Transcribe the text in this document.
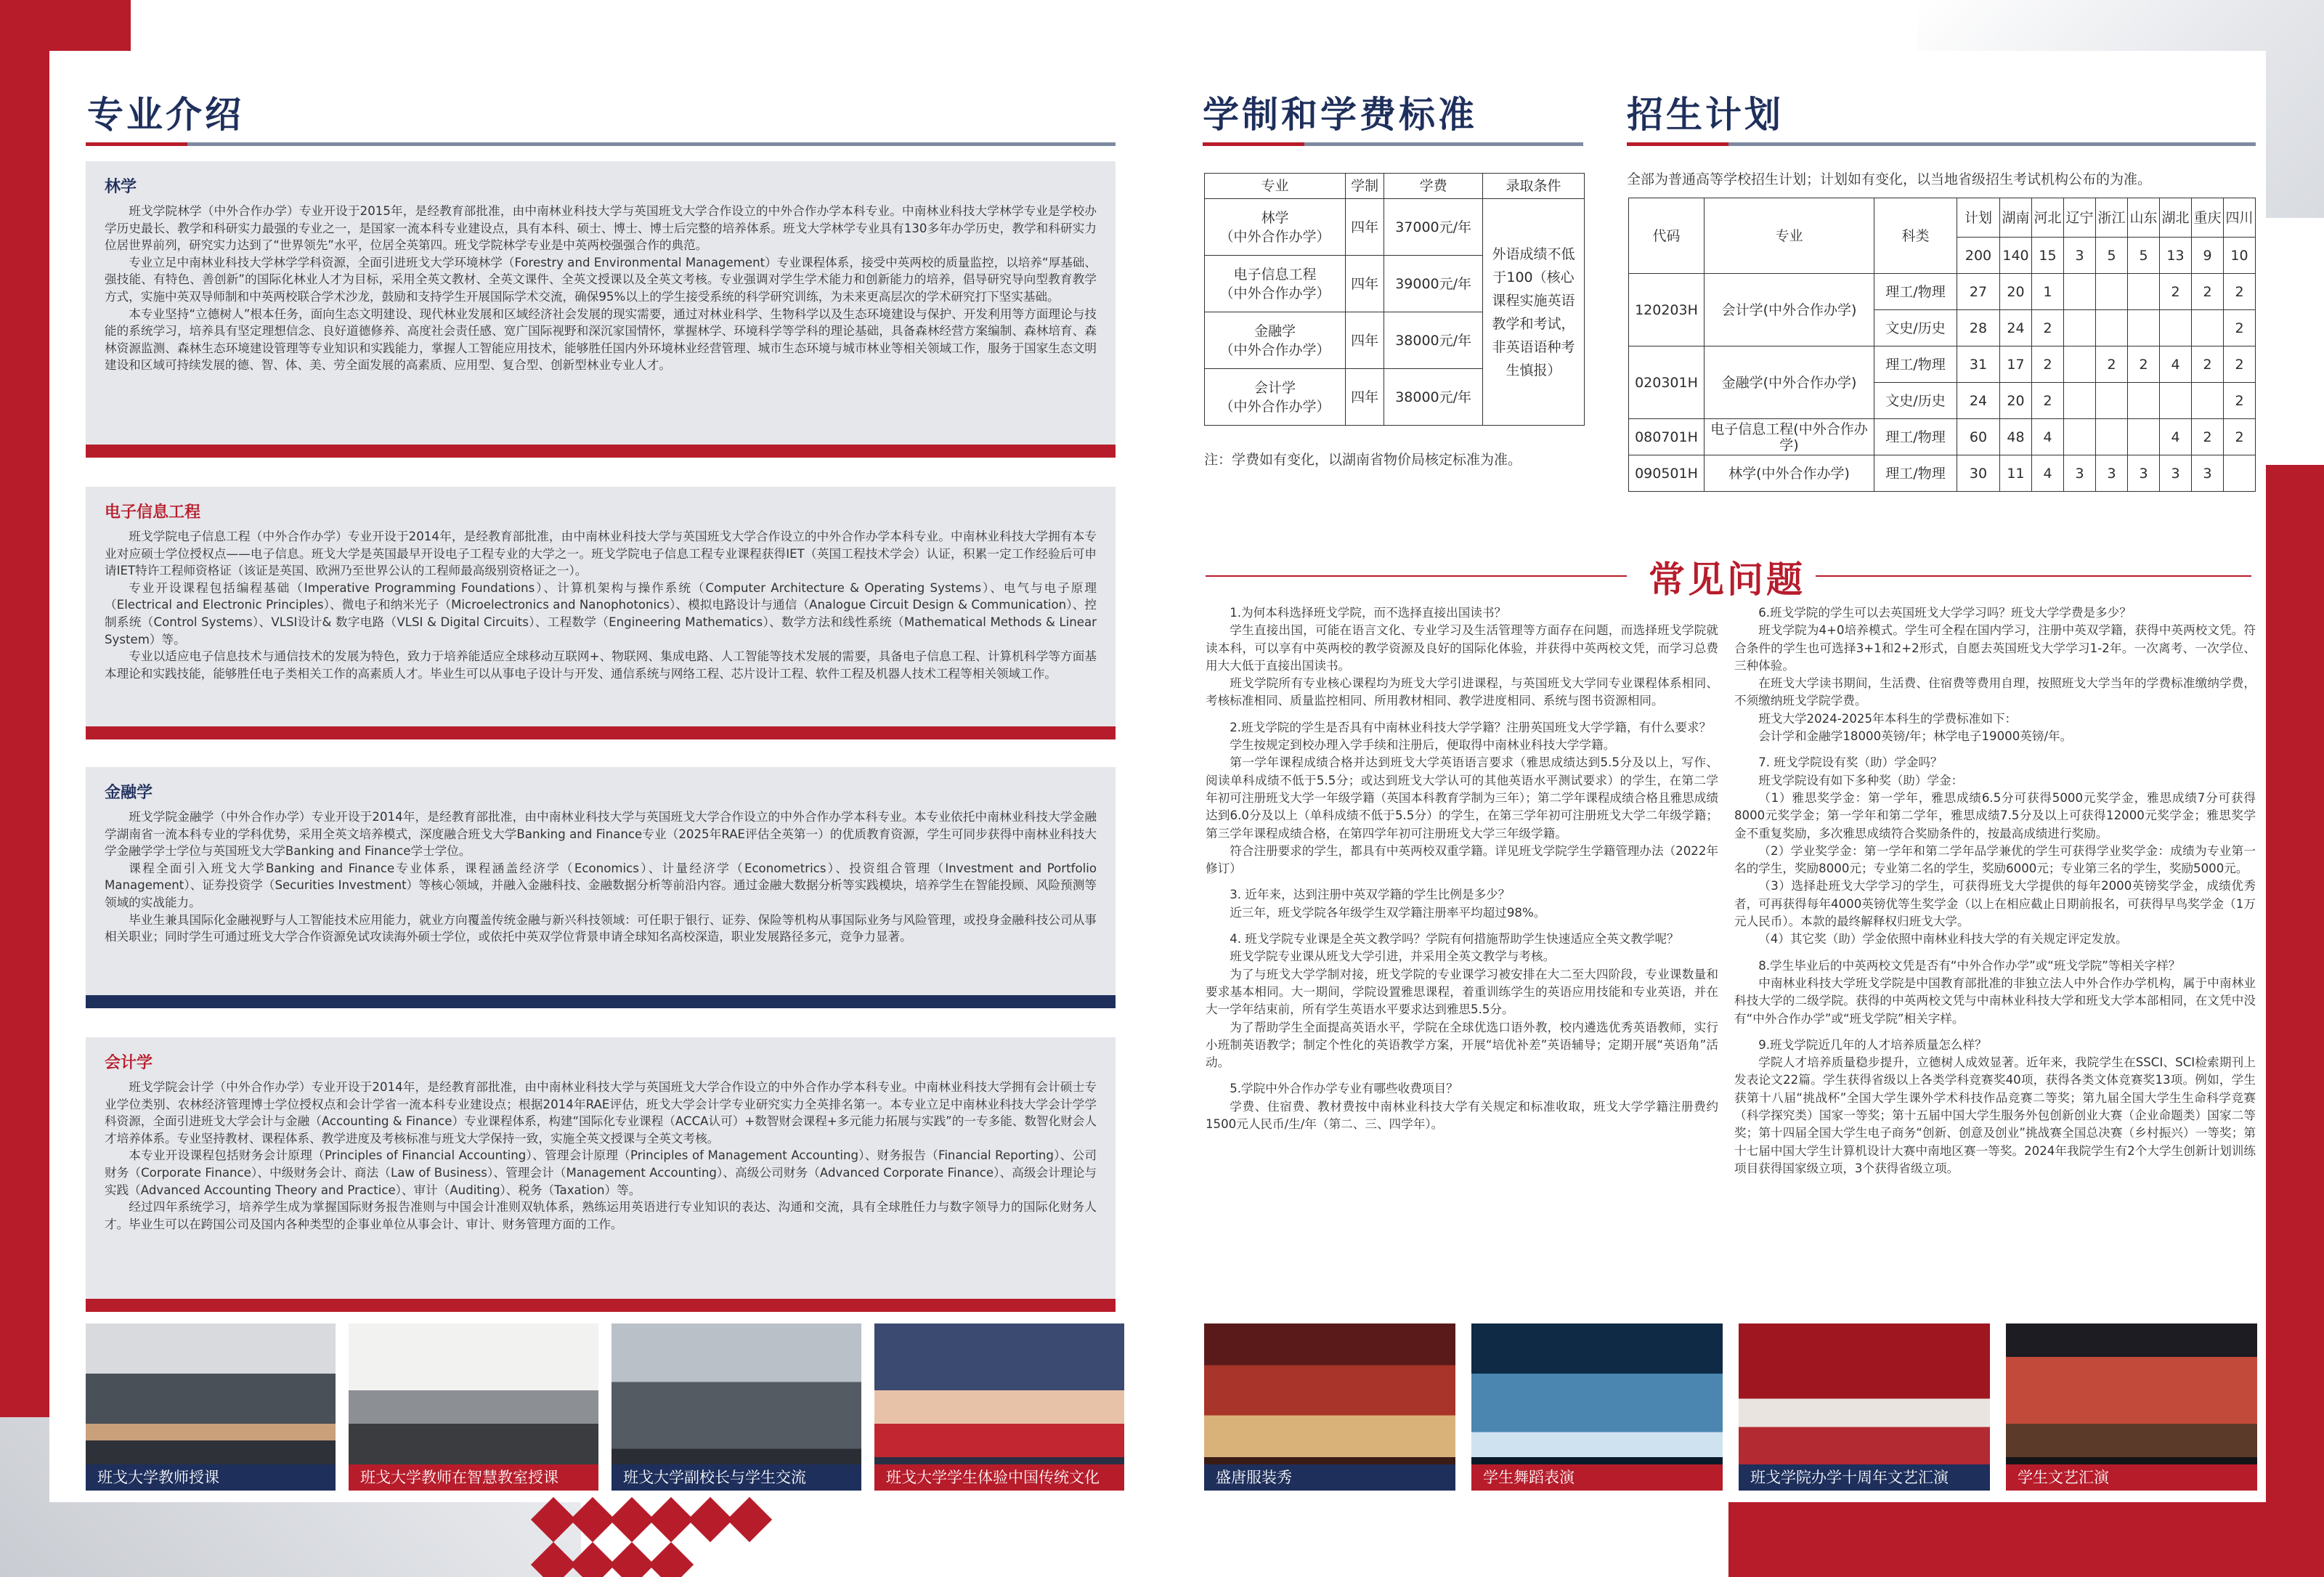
专业介绍
林学

班戈学院林学（中外合作办学）专业开设于2015年，是经教育部批准，由中南林业科技大学与英国班戈大学合作设立的中外合作办学本科专业。中南林业科技大学林学专业是学校办学历史最长、教学和科研实力最强的专业之一，是国家一流本科专业建设点，具有本科、硕士、博士、博士后完整的培养体系。班戈大学林学专业具有130多年办学历史，教学和科研实力位居世界前列，研究实力达到了“世界领先”水平，位居全英第四。班戈学院林学专业是中英两校强强合作的典范。

专业立足中南林业科技大学林学学科资源，全面引进班戈大学环境林学（Forestry and Environmental Management）专业课程体系，接受中英两校的质量监控，以培养“厚基础、强技能、有特色、善创新”的国际化林业人才为目标，采用全英文教材、全英文课件、全英文授课以及全英文考核。专业强调对学生学术能力和创新能力的培养，倡导研究导向型教育教学方式，实施中英双导师制和中英两校联合学术沙龙，鼓励和支持学生开展国际学术交流，确保95%以上的学生接受系统的科学研究训练，为未来更高层次的学术研究打下坚实基础。

本专业坚持“立德树人”根本任务，面向生态文明建设、现代林业发展和区域经济社会发展的现实需要，通过对林业科学、生物科学以及生态环境建设与保护、开发利用等方面理论与技能的系统学习，培养具有坚定理想信念、良好道德修养、高度社会责任感、宽广国际视野和深沉家国情怀，掌握林学、环境科学等学科的理论基础，具备森林经营方案编制、森林培育、森林资源监测、森林生态环境建设管理等专业知识和实践能力，掌握人工智能应用技术，能够胜任国内外环境林业经营管理、城市生态环境与城市林业等相关领域工作，服务于国家生态文明建设和区域可持续发展的德、智、体、美、劳全面发展的高素质、应用型、复合型、创新型林业专业人才。

电子信息工程

班戈学院电子信息工程（中外合作办学）专业开设于2014年，是经教育部批准，由中南林业科技大学与英国班戈大学合作设立的中外合作办学本科专业。中南林业科技大学拥有本专业对应硕士学位授权点——电子信息。班戈大学是英国最早开设电子工程专业的大学之一。班戈学院电子信息工程专业课程获得IET（英国工程技术学会）认证，积累一定工作经验后可申请IET特许工程师资格证（该证是英国、欧洲乃至世界公认的工程师最高级别资格证之一）。

专业开设课程包括编程基础（Imperative Programming Foundations）、计算机架构与操作系统（Computer Architecture & Operating Systems）、电气与电子原理（Electrical and Electronic Principles）、微电子和纳米光子（Microelectronics and Nanophotonics）、模拟电路设计与通信（Analogue Circuit Design & Communication）、控制系统（Control Systems）、VLSI设计& 数字电路（VLSI & Digital Circuits）、工程数学（Engineering Mathematics）、数学方法和线性系统（Mathematical Methods & Linear System）等。

专业以适应电子信息技术与通信技术的发展为特色，致力于培养能适应全球移动互联网+、物联网、集成电路、人工智能等技术发展的需要，具备电子信息工程、计算机科学等方面基本理论和实践技能，能够胜任电子类相关工作的高素质人才。毕业生可以从事电子设计与开发、通信系统与网络工程、芯片设计工程、软件工程及机器人技术工程等相关领域工作。

金融学

班戈学院金融学（中外合作办学）专业开设于2014年，是经教育部批准，由中南林业科技大学与英国班戈大学合作设立的中外合作办学本科专业。本专业依托中南林业科技大学金融学湖南省一流本科专业的学科优势，采用全英文培养模式，深度融合班戈大学Banking and Finance专业（2025年RAE评估全英第一）的优质教育资源，学生可同步获得中南林业科技大学金融学学士学位与英国班戈大学Banking and Finance学士学位。

课程全面引入班戈大学Banking and Finance专业体系，课程涵盖经济学（Economics）、计量经济学（Econometrics）、投资组合管理（Investment and Portfolio Management）、证券投资学（Securities Investment）等核心领域，并融入金融科技、金融数据分析等前沿内容。通过金融大数据分析等实践模块，培养学生在智能投顾、风险预测等领域的实战能力。

毕业生兼具国际化金融视野与人工智能技术应用能力，就业方向覆盖传统金融与新兴科技领域：可任职于银行、证券、保险等机构从事国际业务与风险管理，或投身金融科技公司从事相关职业；同时学生可通过班戈大学合作资源免试攻读海外硕士学位，或依托中英双学位背景申请全球知名高校深造，职业发展路径多元，竞争力显著。

会计学

班戈学院会计学（中外合作办学）专业开设于2014年，是经教育部批准，由中南林业科技大学与英国班戈大学合作设立的中外合作办学本科专业。中南林业科技大学拥有会计硕士专业学位类别、农林经济管理博士学位授权点和会计学省一流本科专业建设点；根据2014年RAE评估，班戈大学会计学专业研究实力全英排名第一。本专业立足中南林业科技大学会计学学科资源，全面引进班戈大学会计与金融（Accounting & Finance）专业课程体系，构建“国际化专业课程（ACCA认可）+数智财会课程+多元能力拓展与实践”的一专多能、数智化财会人才培养体系。专业坚持教材、课程体系、教学进度及考核标准与班戈大学保持一致，实施全英文授课与全英文考核。

本专业开设课程包括财务会计原理（Principles of Financial Accounting）、管理会计原理（Principles of Management Accounting）、财务报告（Financial Reporting）、公司财务（Corporate Finance）、中级财务会计、商法（Law of Business）、管理会计（Management Accounting）、高级公司财务（Advanced Corporate Finance）、高级会计理论与实践（Advanced Accounting Theory and Practice）、审计（Auditing）、税务（Taxation）等。

经过四年系统学习，培养学生成为掌握国际财务报告准则与中国会计准则双轨体系，熟练运用英语进行专业知识的表达、沟通和交流，具有全球胜任力与数字领导力的国际化财务人才。毕业生可以在跨国公司及国内各种类型的企事业单位从事会计、审计、财务管理方面的工作。

班戈大学教师授课	班戈大学教师在智慧教室授课	班戈大学副校长与学生交流	班戈大学学生体验中国传统文化
学制和学费标准
专业	学制	学费	录取条件
林学
（中外合作办学）	四年	37000元/年	外语成绩不低于100（核心课程实施英语教学和考试，非英语语种考生慎报）
电子信息工程
（中外合作办学）	四年	39000元/年	
金融学
（中外合作办学）	四年	38000元/年	
会计学
（中外合作办学）	四年	38000元/年	
注：学费如有变化，以湖南省物价局核定标准为准。
招生计划
全部为普通高等学校招生计划；计划如有变化，以当地省级招生考试机构公布的为准。
代码	专业	科类	计划	湖南	河北	辽宁	浙江	山东	湖北	重庆	四川
			200	140	15	3	5	5	13	9	10
120203H	会计学(中外合作办学)	理工/物理	27	20	1				2	2	2
		文史/历史	28	24	2						2
020301H	金融学(中外合作办学)	理工/物理	31	17	2		2	2	4	2	2
		文史/历史	24	20	2						2
080701H	电子信息工程(中外合作办学)	理工/物理	60	48	4				4	2	2
090501H	林学(中外合作办学)	理工/物理	30	11	4	3	3	3	3	3	
常见问题

1.为何本科选择班戈学院，而不选择直接出国读书？

学生直接出国，可能在语言文化、专业学习及生活管理等方面存在问题，而选择班戈学院就读本科，可以享有中英两校的教学资源及良好的国际化体验，并获得中英两校文凭，而学习总费用大大低于直接出国读书。

班戈学院所有专业核心课程均为班戈大学引进课程，与英国班戈大学同专业课程体系相同、考核标准相同、质量监控相同、所用教材相同、教学进度相同、系统与图书资源相同。

2.班戈学院的学生是否具有中南林业科技大学学籍？注册英国班戈大学学籍，有什么要求？

学生按规定到校办理入学手续和注册后，便取得中南林业科技大学学籍。

第一学年课程成绩合格并达到班戈大学英语语言要求（雅思成绩达到5.5分及以上，写作、阅读单科成绩不低于5.5分；或达到班戈大学认可的其他英语水平测试要求）的学生，在第二学年初可注册班戈大学一年级学籍（英国本科教育学制为三年）；第二学年课程成绩合格且雅思成绩达到6.0分及以上（单科成绩不低于5.5分）的学生，在第三学年初可注册班戈大学二年级学籍；第三学年课程成绩合格，在第四学年初可注册班戈大学三年级学籍。

符合注册要求的学生，都具有中英两校双重学籍。详见班戈学院学生学籍管理办法（2022年修订）

3. 近年来，达到注册中英双学籍的学生比例是多少？

近三年，班戈学院各年级学生双学籍注册率平均超过98%。

4. 班戈学院专业课是全英文教学吗？学院有何措施帮助学生快速适应全英文教学呢？

班戈学院专业课从班戈大学引进，并采用全英文教学与考核。

为了与班戈大学学制对接，班戈学院的专业课学习被安排在大二至大四阶段，专业课数量和要求基本相同。大一期间，学院设置雅思课程，着重训练学生的英语应用技能和专业英语，并在大一学年结束前，所有学生英语水平要求达到雅思5.5分。

为了帮助学生全面提高英语水平，学院在全球优选口语外教，校内遴选优秀英语教师，实行小班制英语教学；制定个性化的英语教学方案，开展“培优补差”英语辅导；定期开展“英语角”活动。

5.学院中外合作办学专业有哪些收费项目？

学费、住宿费、教材费按中南林业科技大学有关规定和标准收取，班戈大学学籍注册费约1500元人民币/生/年（第二、三、四学年）。

6.班戈学院的学生可以去英国班戈大学学习吗？班戈大学学费是多少？

班戈学院为4+0培养模式。学生可全程在国内学习，注册中英双学籍，获得中英两校文凭。符合条件的学生也可选择3+1和2+2形式，自愿去英国班戈大学学习1-2年。一次离考、一次学位、三种体验。

在班戈大学读书期间，生活费、住宿费等费用自理，按照班戈大学当年的学费标准缴纳学费，不须缴纳班戈学院学费。

班戈大学2024-2025年本科生的学费标准如下：

会计学和金融学18000英镑/年；林学电子19000英镑/年。

7. 班戈学院设有奖（助）学金吗？

班戈学院设有如下多种奖（助）学金：

（1）雅思奖学金：第一学年，雅思成绩6.5分可获得5000元奖学金，雅思成绩7分可获得8000元奖学金；第一学年和第二学年，雅思成绩7.5分及以上可获得12000元奖学金；雅思奖学金不重复奖励，多次雅思成绩符合奖励条件的，按最高成绩进行奖励。

（2）学业奖学金：第一学年和第二学年品学兼优的学生可获得学业奖学金：成绩为专业第一名的学生，奖励8000元；专业第二名的学生，奖励6000元；专业第三名的学生，奖励5000元。

（3）选择赴班戈大学学习的学生，可获得班戈大学提供的每年2000英镑奖学金，成绩优秀者，可再获得每年4000英镑优等生奖学金（以上在相应截止日期前报名，可获得早鸟奖学金（1万元人民币）。本款的最终解释权归班戈大学。

（4）其它奖（助）学金依照中南林业科技大学的有关规定评定发放。

8.学生毕业后的中英两校文凭是否有“中外合作办学”或“班戈学院”等相关字样？

中南林业科技大学班戈学院是中国教育部批准的非独立法人中外合作办学机构，属于中南林业科技大学的二级学院。获得的中英两校文凭与中南林业科技大学和班戈大学本部相同，在文凭中没有“中外合作办学”或“班戈学院”相关字样。

9.班戈学院近几年的人才培养质量怎么样？

学院人才培养质量稳步提升，立德树人成效显著。近年来，我院学生在SSCI、SCI检索期刊上发表论文22篇。学生获得省级以上各类学科竞赛奖40项，获得各类文体竞赛奖13项。例如，学生获第十八届“挑战杯”全国大学生课外学术科技作品竞赛二等奖；第九届全国大学生生命科学竞赛（科学探究类）国家一等奖；第十五届中国大学生服务外包创新创业大赛（企业命题类）国家二等奖；第十四届全国大学生电子商务“创新、创意及创业”挑战赛全国总决赛（乡村振兴）一等奖；第十七届中国大学生计算机设计大赛中南地区赛一等奖。2024年我院学生有2个大学生创新计划训练项目获得国家级立项，3个获得省级立项。

盛唐服装秀	学生舞蹈表演	班戈学院办学十周年文艺汇演	学生文艺汇演
